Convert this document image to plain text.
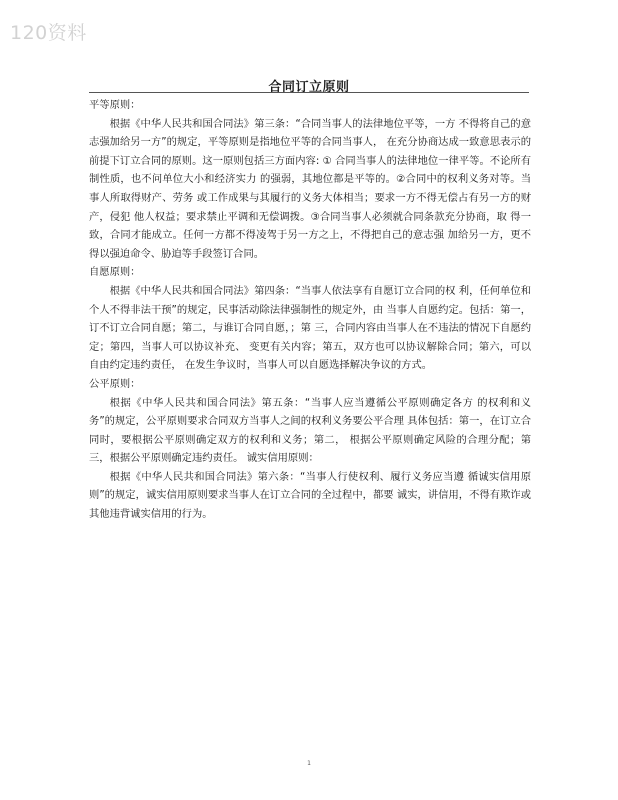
120资料
合同订立原则
平等原则：
根据《中华人民共和国合同法》第三条：“合同当事人的法律地位平等，一方 不得将自己的意志强加给另一方”的规定，平等原则是指地位平等的合同当事人， 在充分协商达成一致意思表示的前提下订立合同的原则。这一原则包括三方面内容: ① 合同当事人的法律地位一律平等。不论所有制性质，也不问单位大小和经济实力 的强弱，其地位都是平等的。②合同中的权利义务对等。当事人所取得财产、劳务 或工作成果与其履行的义务大体相当；要求一方不得无偿占有另一方的财产，侵犯 他人权益；要求禁止平调和无偿调拨。③合同当事人必须就合同条款充分协商，取 得一致，合同才能成立。任何一方都不得凌驾于另一方之上，不得把自己的意志强 加给另一方，更不得以强迫命令、胁迫等手段签订合同。
自愿原则：
根据《中华人民共和国合同法》第四条：“当事人依法享有自愿订立合同的权 利，任何单位和个人不得非法干预”的规定，民事活动除法律强制性的规定外，由 当事人自愿约定。包括：第一，订不订立合同自愿；第二，与谁订合同自愿，；第 三，合同内容由当事人在不违法的情况下自愿约定；第四，当事人可以协议补充、 变更有关内容；第五，双方也可以协议解除合同；第六，可以自由约定违约责任， 在发生争议时，当事人可以自愿选择解决争议的方式。
公平原则：
根据《中华人民共和国合同法》第五条：“当事人应当遵循公平原则确定各方 的权利和义务”的规定，公平原则要求合同双方当事人之间的权利义务要公平合理 具体包括：第一，在订立合同时，要根据公平原则确定双方的权利和义务；第二， 根据公平原则确定风险的合理分配；第三，根据公平原则确定违约责任。 诚实信用原则：
根据《中华人民共和国合同法》第六条：“当事人行使权利、履行义务应当遵 循诚实信用原则”的规定，诚实信用原则要求当事人在订立合同的全过程中，都要 诚实，讲信用，不得有欺诈或其他违背诚实信用的行为。
1
